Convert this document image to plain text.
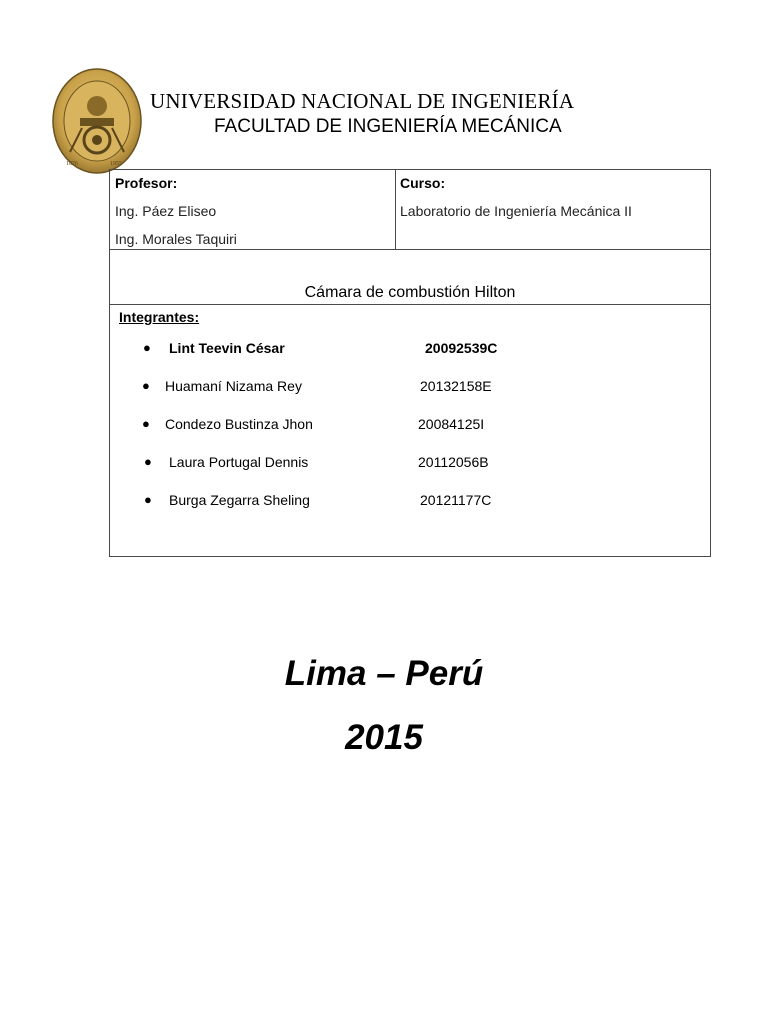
1876	1955
UNIVERSIDAD NACIONAL DE INGENIERÍA
FACULTAD DE INGENIERÍA MECÁNICA
Profesor:
Ing. Páez Eliseo
Ing. Morales Taquiri
Curso:
Laboratorio de Ingeniería Mecánica II
Cámara de combustión Hilton
Integrantes:
● Lint Teevin César	20092539C
● Huamaní Nizama Rey	20132158E
● Condezo Bustinza Jhon	20084125I
● Laura Portugal Dennis	20112056B
● Burga Zegarra Sheling	20121177C
Lima – Perú
2015
